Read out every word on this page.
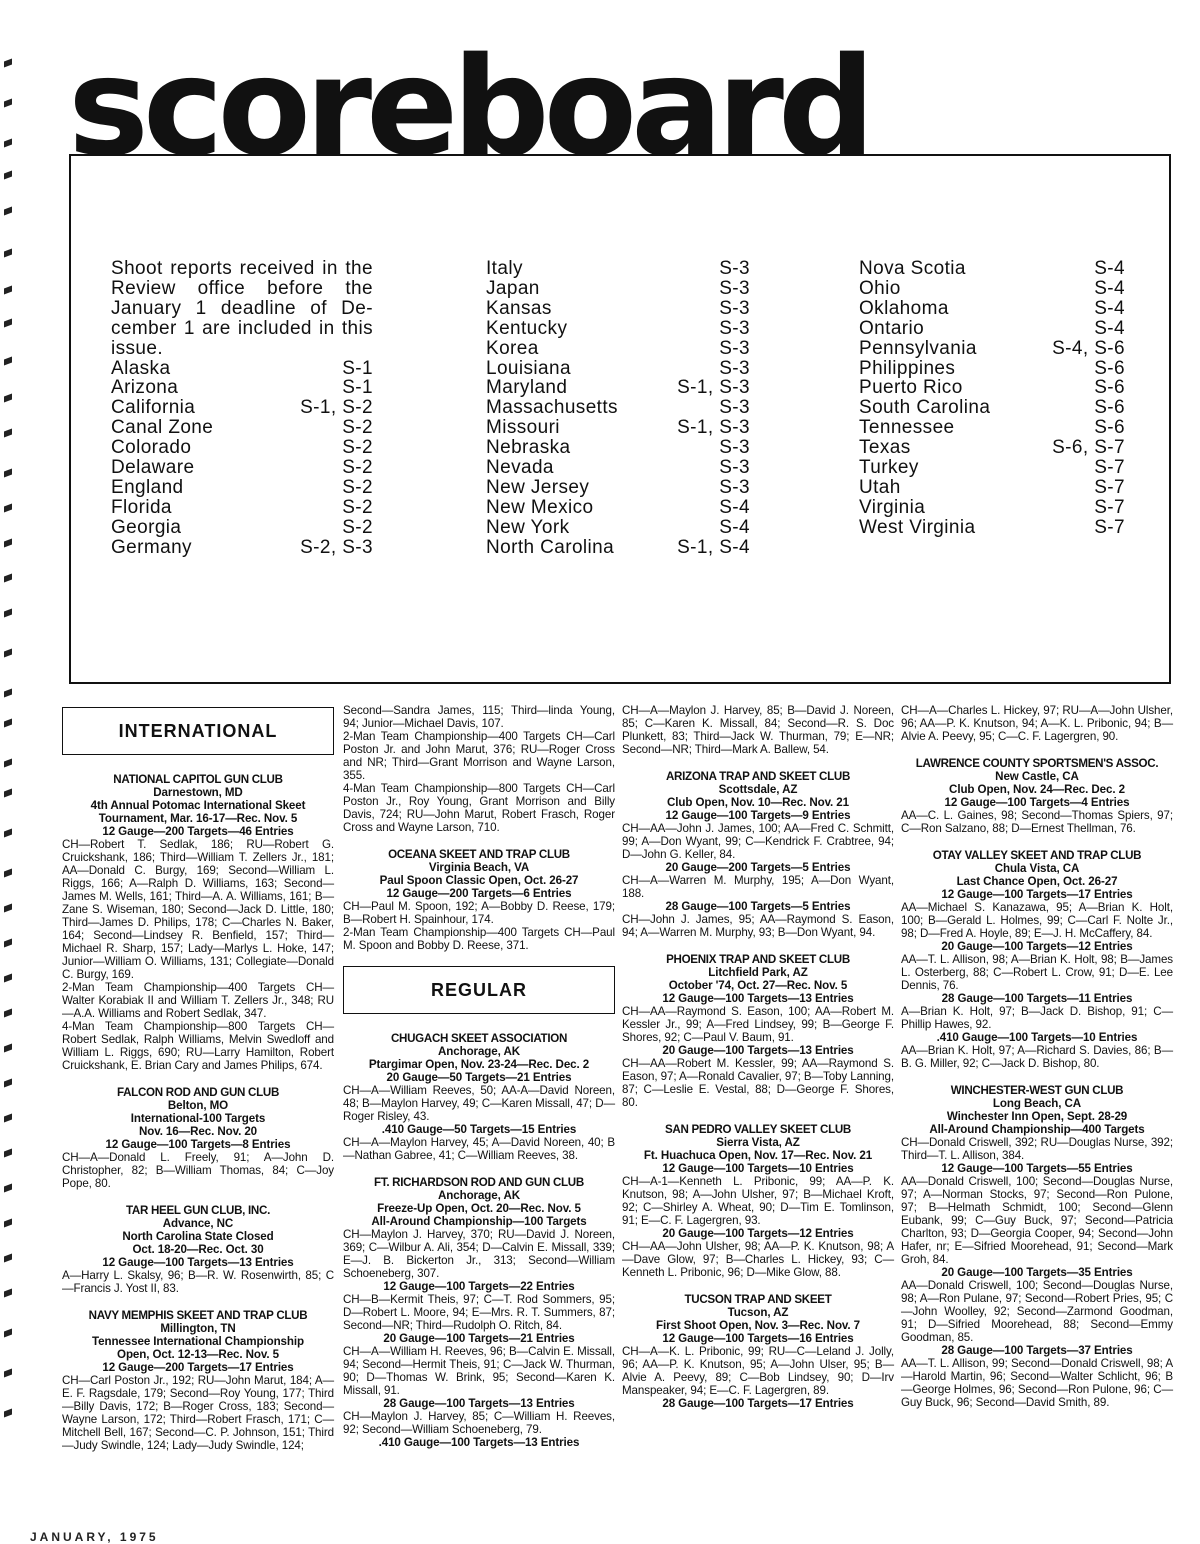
scoreboard
Shoot reports received in the
Review office before the
January 1 deadline of De-
cember 1 are included in this
issue.
Alaska	S-1
Arizona	S-1
California	S-1, S-2
Canal Zone	S-2
Colorado	S-2
Delaware	S-2
England	S-2
Florida	S-2
Georgia	S-2
Germany	S-2, S-3
Italy	S-3
Japan	S-3
Kansas	S-3
Kentucky	S-3
Korea	S-3
Louisiana	S-3
Maryland	S-1, S-3
Massachusetts	S-3
Missouri	S-1, S-3
Nebraska	S-3
Nevada	S-3
New Jersey	S-3
New Mexico	S-4
New York	S-4
North Carolina	S-1, S-4
Nova Scotia	S-4
Ohio	S-4
Oklahoma	S-4
Ontario	S-4
Pennsylvania	S-4, S-6
Philippines	S-6
Puerto Rico	S-6
South Carolina	S-6
Tennessee	S-6
Texas	S-6, S-7
Turkey	S-7
Utah	S-7
Virginia	S-7
West Virginia	S-7
INTERNATIONAL
NATIONAL CAPITOL GUN CLUB
Darnestown, MD
4th Annual Potomac International Skeet
Tournament, Mar. 16-17—Rec. Nov. 5
12 Gauge—200 Targets—46 Entries
CH—Robert T. Sedlak, 186; RU—Robert G. Cruickshank, 186; Third—William T. Zellers Jr., 181; AA—Donald C. Burgy, 169; Second—William L. Riggs, 166; A—Ralph D. Williams, 163; Second—James M. Wells, 161; Third—A. A. Williams, 161; B—Zane S. Wiseman, 180; Second—Jack D. Little, 180; Third—James D. Philips, 178; C—Charles N. Baker, 164; Second—Lindsey R. Benfield, 157; Third—Michael R. Sharp, 157; Lady—Marlys L. Hoke, 147; Junior—William O. Williams, 131; Collegiate—Donald C. Burgy, 169.
2-Man Team Championship—400 Targets CH—Walter Korabiak II and William T. Zellers Jr., 348; RU—A.A. Williams and Robert Sedlak, 347.
4-Man Team Championship—800 Targets CH—Robert Sedlak, Ralph Williams, Melvin Swedloff and William L. Riggs, 690; RU—Larry Hamilton, Robert Cruickshank, E. Brian Cary and James Philips, 674.
FALCON ROD AND GUN CLUB
Belton, MO
International-100 Targets
Nov. 16—Rec. Nov. 20
12 Gauge—100 Targets—8 Entries
CH—A—Donald L. Freely, 91; A—John D. Christopher, 82; B—William Thomas, 84; C—Joy Pope, 80.
TAR HEEL GUN CLUB, INC.
Advance, NC
North Carolina State Closed
Oct. 18-20—Rec. Oct. 30
12 Gauge—100 Targets—13 Entries
A—Harry L. Skalsy, 96; B—R. W. Rosenwirth, 85; C—Francis J. Yost II, 83.
NAVY MEMPHIS SKEET AND TRAP CLUB
Millington, TN
Tennessee International Championship
Open, Oct. 12-13—Rec. Nov. 5
12 Gauge—200 Targets—17 Entries
CH—Carl Poston Jr., 192; RU—John Marut, 184; A—E. F. Ragsdale, 179; Second—Roy Young, 177; Third—Billy Davis, 172; B—Roger Cross, 183; Second—Wayne Larson, 172; Third—Robert Frasch, 171; C—Mitchell Bell, 167; Second—C. P. Johnson, 151; Third—Judy Swindle, 124; Lady—Judy Swindle, 124;
Second—Sandra James, 115; Third—linda Young, 94; Junior—Michael Davis, 107.
2-Man Team Championship—400 Targets CH—Carl Poston Jr. and John Marut, 376; RU—Roger Cross and NR; Third—Grant Morrison and Wayne Larson, 355.
4-Man Team Championship—800 Targets CH—Carl Poston Jr., Roy Young, Grant Morrison and Billy Davis, 724; RU—John Marut, Robert Frasch, Roger Cross and Wayne Larson, 710.
OCEANA SKEET AND TRAP CLUB
Virginia Beach, VA
Paul Spoon Classic Open, Oct. 26-27
12 Gauge—200 Targets—6 Entries
CH—Paul M. Spoon, 192; A—Bobby D. Reese, 179; B—Robert H. Spainhour, 174.
2-Man Team Championship—400 Targets CH—Paul M. Spoon and Bobby D. Reese, 371.
REGULAR
CHUGACH SKEET ASSOCIATION
Anchorage, AK
Ptargimar Open, Nov. 23-24—Rec. Dec. 2
20 Gauge—50 Targets—21 Entries
CH—A—William Reeves, 50; AA-A—David Noreen, 48; B—Maylon Harvey, 49; C—Karen Missall, 47; D—Roger Risley, 43.
.410 Gauge—50 Targets—15 Entries
CH—A—Maylon Harvey, 45; A—David Noreen, 40; B—Nathan Gabree, 41; C—William Reeves, 38.
FT. RICHARDSON ROD AND GUN CLUB
Anchorage, AK
Freeze-Up Open, Oct. 20—Rec. Nov. 5
All-Around Championship—100 Targets
CH—Maylon J. Harvey, 370; RU—David J. Noreen, 369; C—Wilbur A. Ali, 354; D—Calvin E. Missall, 339; E—J. B. Bickerton Jr., 313; Second—William Schoeneberg, 307.
12 Gauge—100 Targets—22 Entries
CH—B—Kermit Theis, 97; C—T. Rod Sommers, 95; D—Robert L. Moore, 94; E—Mrs. R. T. Summers, 87; Second—NR; Third—Rudolph O. Ritch, 84.
20 Gauge—100 Targets—21 Entries
CH—A—William H. Reeves, 96; B—Calvin E. Missall, 94; Second—Hermit Theis, 91; C—Jack W. Thurman, 90; D—Thomas W. Brink, 95; Second—Karen K. Missall, 91.
28 Gauge—100 Targets—13 Entries
CH—Maylon J. Harvey, 85; C—William H. Reeves, 92; Second—William Schoeneberg, 79.
.410 Gauge—100 Targets—13 Entries
CH—A—Maylon J. Harvey, 85; B—David J. Noreen, 85; C—Karen K. Missall, 84; Second—R. S. Doc Plunkett, 83; Third—Jack W. Thurman, 79; E—NR; Second—NR; Third—Mark A. Ballew, 54.
ARIZONA TRAP AND SKEET CLUB
Scottsdale, AZ
Club Open, Nov. 10—Rec. Nov. 21
12 Gauge—100 Targets—9 Entries
CH—AA—John J. James, 100; AA—Fred C. Schmitt, 99; A—Don Wyant, 99; C—Kendrick F. Crabtree, 94; D—John G. Keller, 84.
20 Gauge—200 Targets—5 Entries
CH—A—Warren M. Murphy, 195; A—Don Wyant, 188.
28 Gauge—100 Targets—5 Entries
CH—John J. James, 95; AA—Raymond S. Eason, 94; A—Warren M. Murphy, 93; B—Don Wyant, 94.
PHOENIX TRAP AND SKEET CLUB
Litchfield Park, AZ
October '74, Oct. 27—Rec. Nov. 5
12 Gauge—100 Targets—13 Entries
CH—AA—Raymond S. Eason, 100; AA—Robert M. Kessler Jr., 99; A—Fred Lindsey, 99; B—George F. Shores, 92; C—Paul V. Baum, 91.
20 Gauge—100 Targets—13 Entries
CH—AA—Robert M. Kessler, 99; AA—Raymond S. Eason, 97; A—Ronald Cavalier, 97; B—Toby Lanning, 87; C—Leslie E. Vestal, 88; D—George F. Shores, 80.
SAN PEDRO VALLEY SKEET CLUB
Sierra Vista, AZ
Ft. Huachuca Open, Nov. 17—Rec. Nov. 21
12 Gauge—100 Targets—10 Entries
CH—A-1—Kenneth L. Pribonic, 99; AA—P. K. Knutson, 98; A—John Ulsher, 97; B—Michael Kroft, 92; C—Shirley A. Wheat, 90; D—Tim E. Tomlinson, 91; E—C. F. Lagergren, 93.
20 Gauge—100 Targets—12 Entries
CH—AA—John Ulsher, 98; AA—P. K. Knutson, 98; A—Dave Glow, 97; B—Charles L. Hickey, 93; C—Kenneth L. Pribonic, 96; D—Mike Glow, 88.
TUCSON TRAP AND SKEET
Tucson, AZ
First Shoot Open, Nov. 3—Rec. Nov. 7
12 Gauge—100 Targets—16 Entries
CH—A—K. L. Pribonic, 99; RU—C—Leland J. Jolly, 96; AA—P. K. Knutson, 95; A—John Ulser, 95; B—Alvie A. Peevy, 89; C—Bob Lindsey, 90; D—Irv Manspeaker, 94; E—C. F. Lagergren, 89.
28 Gauge—100 Targets—17 Entries
CH—A—Charles L. Hickey, 97; RU—A—John Ulsher, 96; AA—P. K. Knutson, 94; A—K. L. Pribonic, 94; B—Alvie A. Peevy, 95; C—C. F. Lagergren, 90.
LAWRENCE COUNTY SPORTSMEN'S ASSOC.
New Castle, CA
Club Open, Nov. 24—Rec. Dec. 2
12 Gauge—100 Targets—4 Entries
AA—C. L. Gaines, 98; Second—Thomas Spiers, 97; C—Ron Salzano, 88; D—Ernest Thellman, 76.
OTAY VALLEY SKEET AND TRAP CLUB
Chula Vista, CA
Last Chance Open, Oct. 26-27
12 Gauge—100 Targets—17 Entries
AA—Michael S. Kanazawa, 95; A—Brian K. Holt, 100; B—Gerald L. Holmes, 99; C—Carl F. Nolte Jr., 98; D—Fred A. Hoyle, 89; E—J. H. McCaffery, 84.
20 Gauge—100 Targets—12 Entries
AA—T. L. Allison, 98; A—Brian K. Holt, 98; B—James L. Osterberg, 88; C—Robert L. Crow, 91; D—E. Lee Dennis, 76.
28 Gauge—100 Targets—11 Entries
A—Brian K. Holt, 97; B—Jack D. Bishop, 91; C—Phillip Hawes, 92.
.410 Gauge—100 Targets—10 Entries
AA—Brian K. Holt, 97; A—Richard S. Davies, 86; B—B. G. Miller, 92; C—Jack D. Bishop, 80.
WINCHESTER-WEST GUN CLUB
Long Beach, CA
Winchester Inn Open, Sept. 28-29
All-Around Championship—400 Targets
CH—Donald Criswell, 392; RU—Douglas Nurse, 392; Third—T. L. Allison, 384.
12 Gauge—100 Targets—55 Entries
AA—Donald Criswell, 100; Second—Douglas Nurse, 97; A—Norman Stocks, 97; Second—Ron Pulone, 97; B—Helmath Schmidt, 100; Second—Glenn Eubank, 99; C—Guy Buck, 97; Second—Patricia Charlton, 93; D—Georgia Cooper, 94; Second—John Hafer, nr; E—Sifried Moorehead, 91; Second—Mark Groh, 84.
20 Gauge—100 Targets—35 Entries
AA—Donald Criswell, 100; Second—Douglas Nurse, 98; A—Ron Pulane, 97; Second—Robert Pries, 95; C—John Woolley, 92; Second—Zarmond Goodman, 91; D—Sifried Moorehead, 88; Second—Emmy Goodman, 85.
28 Gauge—100 Targets—37 Entries
AA—T. L. Allison, 99; Second—Donald Criswell, 98; A—Harold Martin, 96; Second—Walter Schlicht, 96; B—George Holmes, 96; Second—Ron Pulone, 96; C—Guy Buck, 96; Second—David Smith, 89.
JANUARY, 1975
